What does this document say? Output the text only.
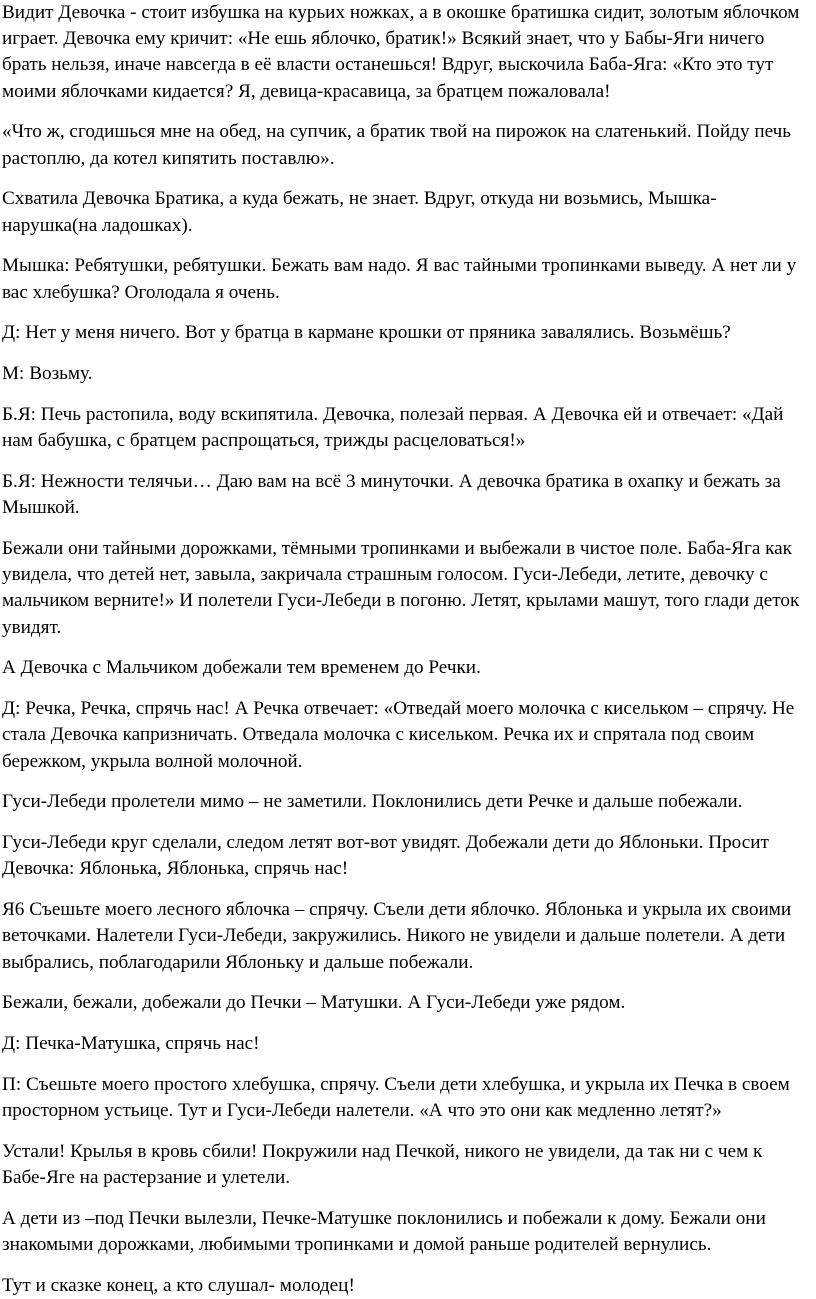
Видит Девочка - стоит избушка на курьих ножках, а в окошке братишка сидит, золотым яблочком играет. Девочка ему кричит: «Не ешь яблочко, братик!» Всякий знает, что у Бабы-Яги ничего брать нельзя, иначе навсегда в её власти останешься! Вдруг, выскочила Баба-Яга: «Кто это тут моими яблочками кидается? Я, девица-красавица, за братцем пожаловала!

«Что ж, сгодишься мне на обед, на супчик, а братик твой на пирожок на слатенький. Пойду печь растоплю, да котел кипятить поставлю».

Схватила Девочка Братика, а куда бежать, не знает. Вдруг, откуда ни возьмись, Мышка-нарушка(на ладошках).

Мышка: Ребятушки, ребятушки. Бежать вам надо. Я вас тайными тропинками выведу. А нет ли у вас хлебушка? Оголодала я очень.

Д: Нет у меня ничего. Вот у братца в кармане крошки от пряника завалялись. Возьмёшь?

М: Возьму.

Б.Я: Печь растопила, воду вскипятила. Девочка, полезай первая. А Девочка ей и отвечает: «Дай нам бабушка, с братцем распрощаться, трижды расцеловаться!»

Б.Я: Нежности телячьи… Даю вам на всё 3 минуточки. А девочка братика в охапку и бежать за Мышкой.

Бежали они тайными дорожками, тёмными тропинками и выбежали в чистое поле. Баба-Яга как увидела, что детей нет, завыла, закричала страшным голосом. Гуси-Лебеди, летите, девочку с мальчиком верните!» И полетели Гуси-Лебеди в погоню. Летят, крылами машут, того глади деток увидят.

А Девочка с Мальчиком добежали тем временем до Речки.

Д: Речка, Речка, спрячь нас! А Речка отвечает: «Отведай моего молочка с кисельком – спрячу. Не стала Девочка капризничать. Отведала молочка с кисельком. Речка их и спрятала под своим бережком, укрыла волной молочной.

Гуси-Лебеди пролетели мимо – не заметили. Поклонились дети Речке и дальше побежали.

Гуси-Лебеди круг сделали, следом летят вот-вот увидят. Добежали дети до Яблоньки. Просит Девочка: Яблонька, Яблонька, спрячь нас!

Я6 Съешьте моего лесного яблочка – спрячу. Съели дети яблочко. Яблонька и укрыла их своими веточками. Налетели Гуси-Лебеди, закружились. Никого не увидели и дальше полетели. А дети выбрались, поблагодарили Яблоньку и дальше побежали.

Бежали, бежали, добежали до Печки – Матушки. А Гуси-Лебеди уже рядом.

Д: Печка-Матушка, спрячь нас!

П: Съешьте моего простого хлебушка, спрячу. Съели дети хлебушка, и укрыла их Печка в своем просторном устьице. Тут и Гуси-Лебеди налетели. «А что это они как медленно летят?»

Устали! Крылья в кровь сбили! Покружили над Печкой, никого не увидели, да так ни с чем к Бабе-Яге на растерзание и улетели.

А дети из –под Печки вылезли, Печке-Матушке поклонились и побежали к дому. Бежали они знакомыми дорожками, любимыми тропинками и домой раньше родителей вернулись.

Тут и сказке конец, а кто слушал- молодец!
